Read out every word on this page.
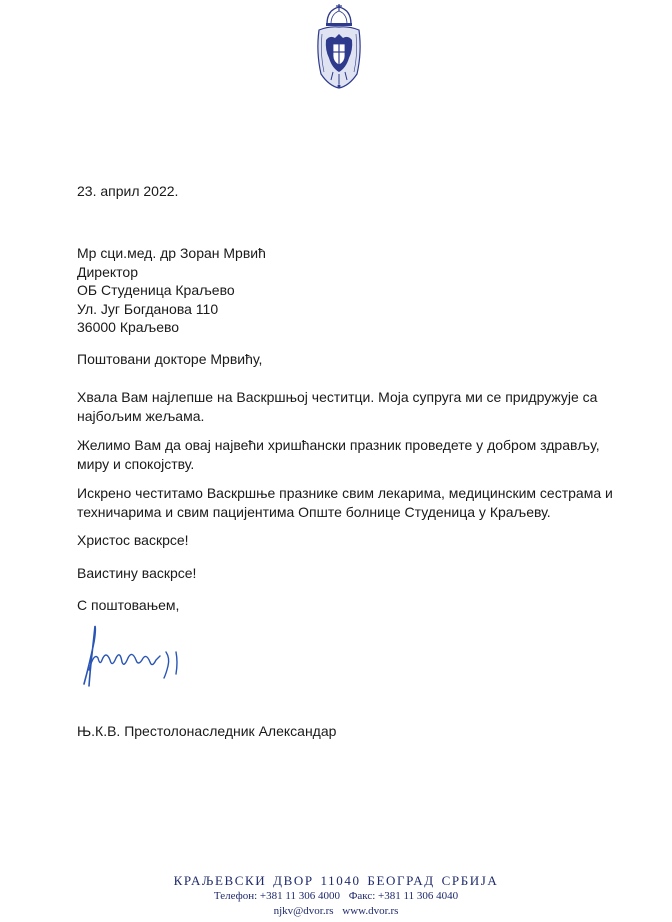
23. април 2022.
Мр сци.мед. др Зоран Мрвић
Директор
ОБ Студеница Краљево
Ул. Југ Богданова 110
36000 Краљево
Поштовани докторе Мрвићу,
Хвала Вам најлепше на Васкршњој честитци. Моја супруга ми се придружује са најбољим жељама.
Желимо Вам да овај највећи хришћански празник проведете у добром здрављу, миру и спокојству.
Искрено честитамо Васкршње празнике свим лекарима, медицинским сестрама и техничарима и свим пацијентима Опште болнице Студеница у Краљеву.
Христос васкрсе!
Ваистину васкрсе!
С поштовањем,
Њ.К.В. Престолонаследник Александар
КРАЉЕВСКИ ДВОР 11040 БЕОГРАД СРБИЈА
Телефон: +381 11 306 4000 Факс: +381 11 306 4040
njkv@dvor.rs www.dvor.rs
